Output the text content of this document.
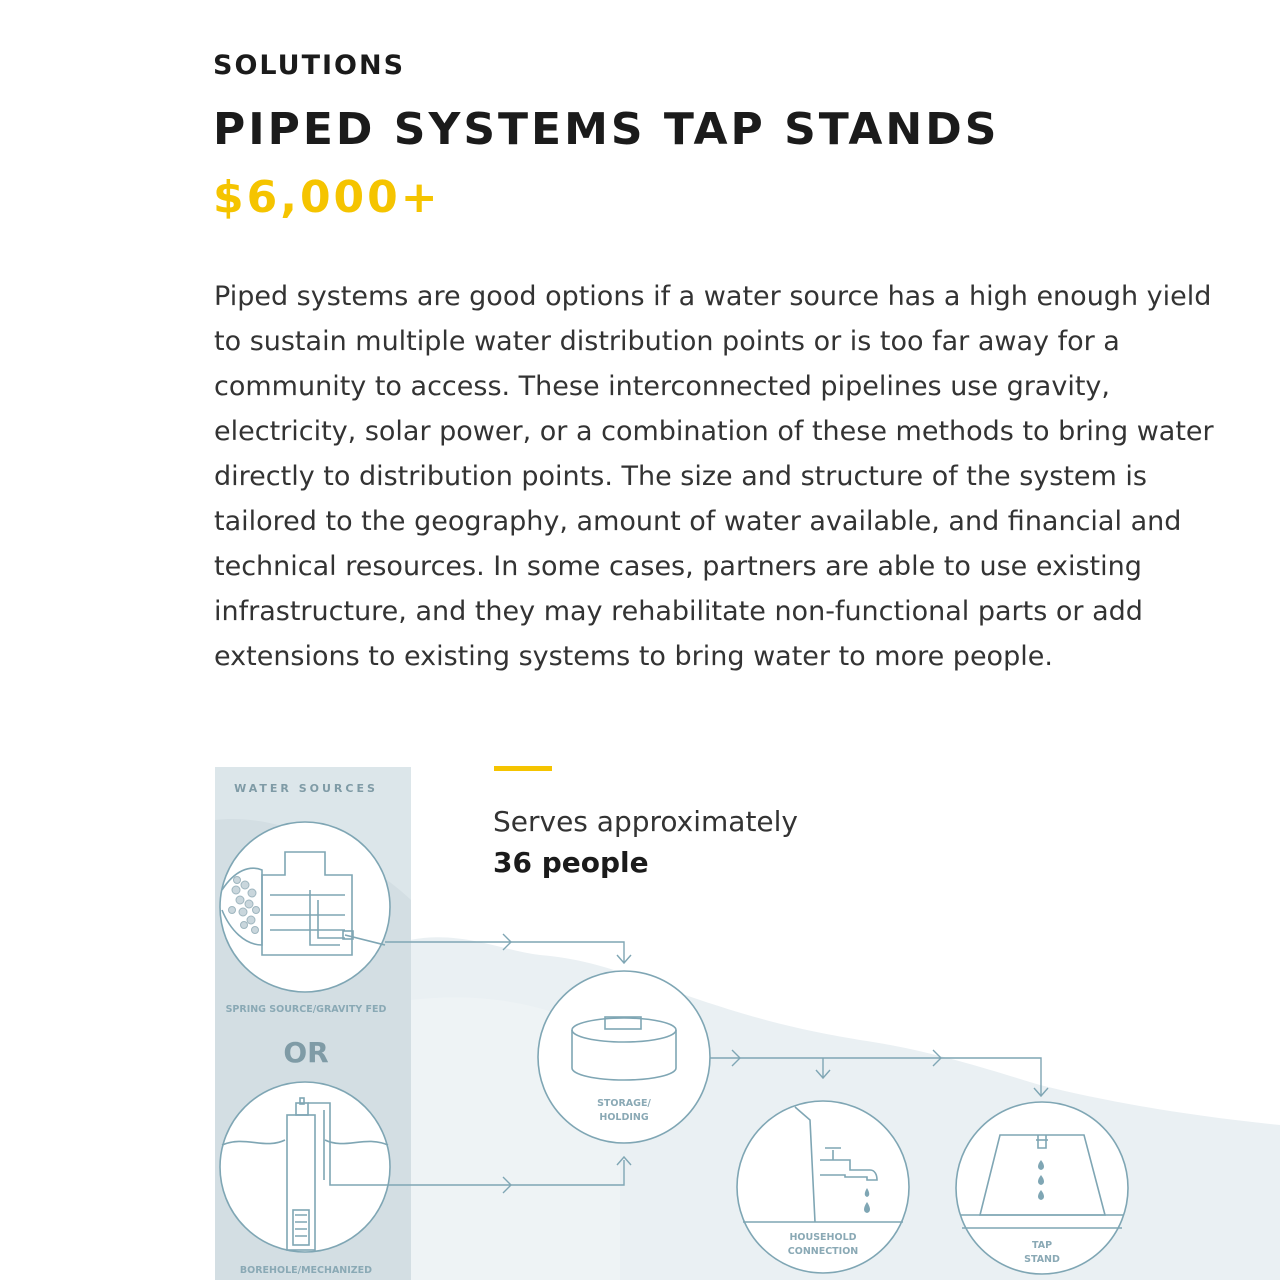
SOLUTIONS
PIPED SYSTEMS TAP STANDS
$6,000+

Piped systems are good options if a water source has a high enough yield to sustain multiple water distribution points or is too far away for a community to access. These interconnected pipelines use gravity, electricity, solar power, or a combination of these methods to bring water directly to distribution points. The size and structure of the system is tailored to the geography, amount of water available, and financial and technical resources. In some cases, partners are able to use existing infrastructure, and they may rehabilitate non-functional parts or add extensions to existing systems to bring water to more people.

WATER SOURCES
SPRING SOURCE/GRAVITY FED
OR
BOREHOLE/MECHANIZED
Serves approximately
36 people
STORAGE/
HOLDING
HOUSEHOLD
CONNECTION
TAP
STAND
